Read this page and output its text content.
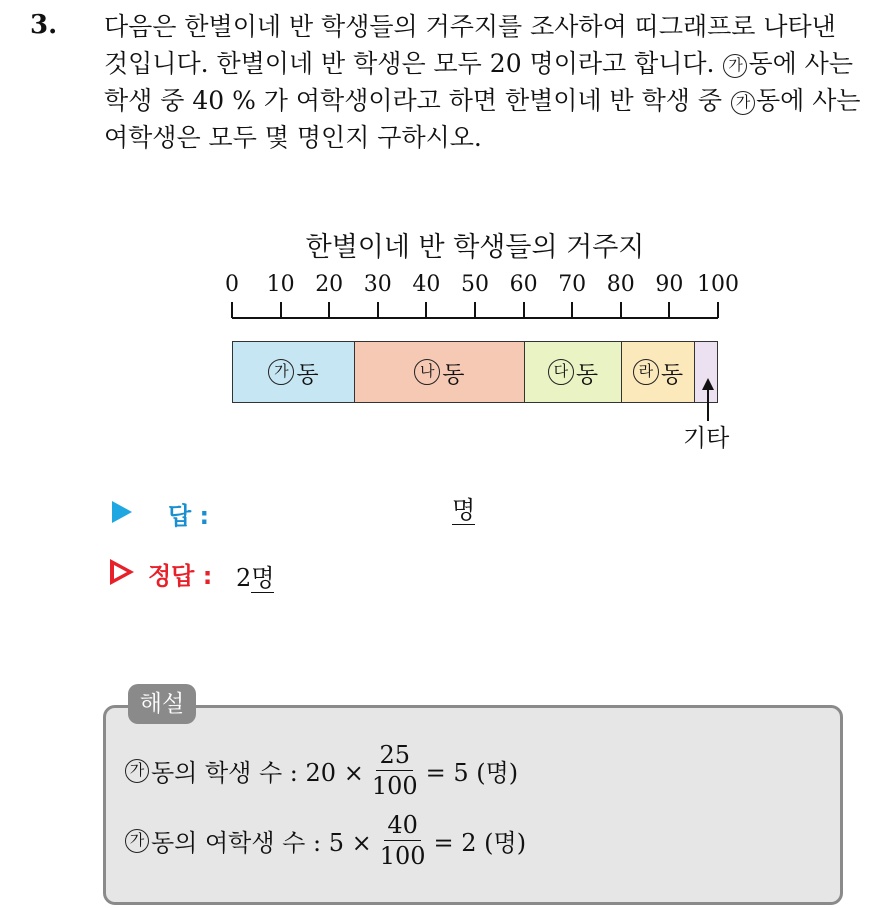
3. 다음은 한별이네 반 학생들의 거주지를 조사하여 띠그래프로 나타낸
것입니다. 한별이네 반 학생은 모두 20 명이라고 합니다. 가 동에 사는
학생 중 40 % 가 여학생이라고 하면 한별이네 반 학생 중 가 동에 사는
여학생은 모두 몇 명인지 구하시오.
한별이네 반 학생들의 거주지
0 10 20 30 40 50 60 70 80 90 100
가 동	나 동	다 동	라 동
기타
답 :	명
정답 : 2명
해설
가 동의 학생 수 : $20 \times \frac{25}{100} = 5$ (명)
가 동의 여학생 수 : $5 \times \frac{40}{100} = 2$ (명)
